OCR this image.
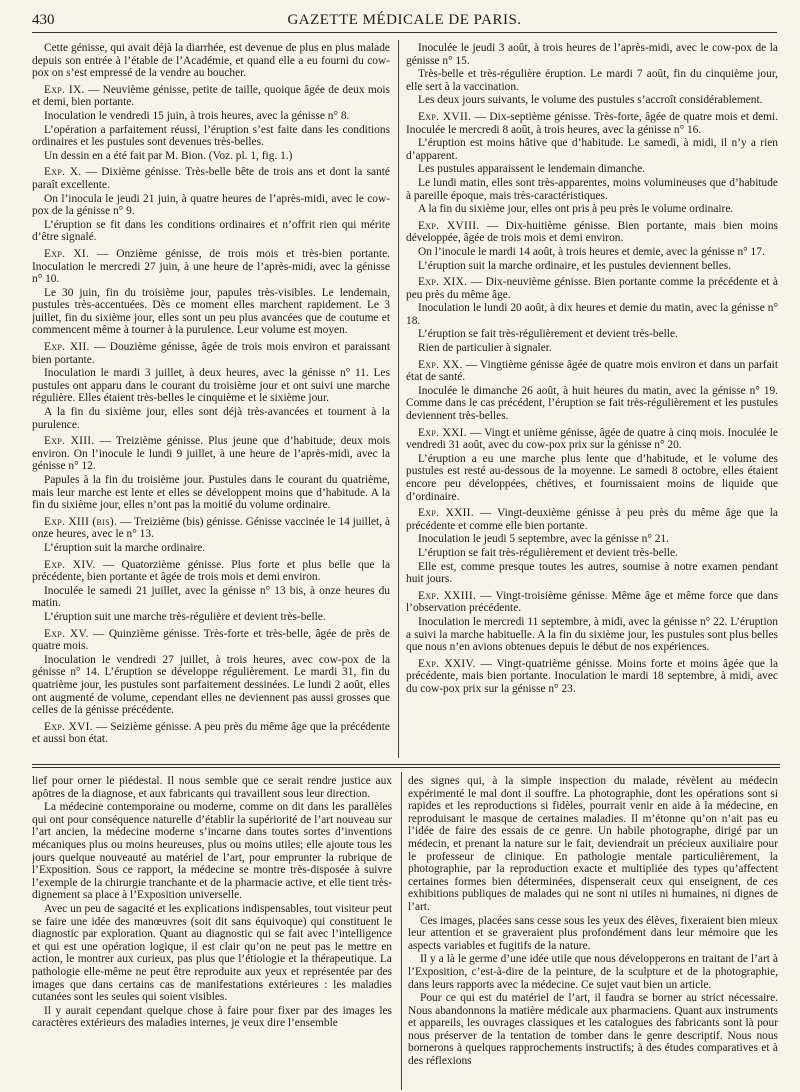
430	GAZETTE MÉDICALE DE PARIS.

Cette génisse, qui avait déjà la diarrhée, est devenue de plus en plus malade depuis son entrée à l’étable de l’Académie, et quand elle a eu fourni du cow-pox on s’est empressé de la vendre au boucher.

Exp. IX. — Neuvième génisse, petite de taille, quoique âgée de deux mois et demi, bien portante.

Inoculation le vendredi 15 juin, à trois heures, avec la génisse n° 8.

L’opération a parfaitement réussi, l’éruption s’est faite dans les conditions ordinaires et les pustules sont devenues très-belles.

Un dessin en a été fait par M. Bion. (Voz. pl. 1, fig. 1.)

Exp. X. — Dixième génisse. Très-belle bête de trois ans et dont la santé paraît excellente.

On l’inocula le jeudi 21 juin, à quatre heures de l’après-midi, avec le cow-pox de la génisse n° 9.

L’éruption se fit dans les conditions ordinaires et n’offrit rien qui mérite d’être signalé.

Exp. XI. — Onzième génisse, de trois mois et très-bien portante. Inoculation le mercredi 27 juin, à une heure de l’après-midi, avec la génisse n° 10.

Le 30 juin, fin du troisième jour, papules très-visibles. Le lendemain, pustules très-accentuées. Dès ce moment elles marchent rapidement. Le 3 juillet, fin du sixième jour, elles sont un peu plus avancées que de coutume et commencent même à tourner à la purulence. Leur volume est moyen.

Exp. XII. — Douzième génisse, âgée de trois mois environ et paraissant bien portante.

Inoculation le mardi 3 juillet, à deux heures, avec la génisse n° 11. Les pustules ont apparu dans le courant du troisième jour et ont suivi une marche régulière. Elles étaient très-belles le cinquième et le sixième jour.

A la fin du sixième jour, elles sont déjà très-avancées et tournent à la purulence.

Exp. XIII. — Treizième génisse. Plus jeune que d’habitude, deux mois environ. On l’inocule le lundi 9 juillet, à une heure de l’après-midi, avec la génisse n° 12.

Papules à la fin du troisième jour. Pustules dans le courant du quatrième, mais leur marche est lente et elles se développent moins que d’habitude. A la fin du sixième jour, elles n’ont pas la moitié du volume ordinaire.

Exp. XIII (bis). — Treizième (bis) génisse. Génisse vaccinée le 14 juillet, à onze heures, avec le n° 13.

L’éruption suit la marche ordinaire.

Exp. XIV. — Quatorzième génisse. Plus forte et plus belle que la précédente, bien portante et âgée de trois mois et demi environ.

Inoculée le samedi 21 juillet, avec la génisse n° 13 bis, à onze heures du matin.

L’éruption suit une marche très-régulière et devient très-belle.

Exp. XV. — Quinzième génisse. Très-forte et très-belle, âgée de près de quatre mois.

Inoculation le vendredi 27 juillet, à trois heures, avec cow-pox de la génisse n° 14. L’éruption se développe régulièrement. Le mardi 31, fin du quatrième jour, les pustules sont parfaitement dessinées. Le lundi 2 août, elles ont augmenté de volume, cependant elles ne deviennent pas aussi grosses que celles de la génisse précédente.

Exp. XVI. — Seizième génisse. A peu près du même âge que la précédente et aussi bon état.

Inoculée le jeudi 3 août, à trois heures de l’après-midi, avec le cow-pox de la génisse n° 15.

Très-belle et très-régulière éruption. Le mardi 7 août, fin du cinquième jour, elle sert à la vaccination.

Les deux jours suivants, le volume des pustules s’accroît considérablement.

Exp. XVII. — Dix-septième génisse. Très-forte, âgée de quatre mois et demi. Inoculée le mercredi 8 août, à trois heures, avec la génisse n° 16.

L’éruption est moins hâtive que d’habitude. Le samedi, à midi, il n’y a rien d’apparent.

Les pustules apparaissent le lendemain dimanche.

Le lundi matin, elles sont très-apparentes, moins volumineuses que d’habitude à pareille époque, mais très-caractéristiques.

A la fin du sixième jour, elles ont pris à peu près le volume ordinaire.

Exp. XVIII. — Dix-huitième génisse. Bien portante, mais bien moins développée, âgée de trois mois et demi environ.

On l’inocule le mardi 14 août, à trois heures et demie, avec la génisse n° 17.

L’éruption suit la marche ordinaire, et les pustules deviennent belles.

Exp. XIX. — Dix-neuvième génisse. Bien portante comme la précédente et à peu près du même âge.

Inoculation le lundi 20 août, à dix heures et demie du matin, avec la génisse n° 18.

L’éruption se fait très-régulièrement et devient très-belle.

Rien de particulier à signaler.

Exp. XX. — Vingtième génisse âgée de quatre mois environ et dans un parfait état de santé.

Inoculée le dimanche 26 août, à huit heures du matin, avec la génisse n° 19. Comme dans le cas précédent, l’éruption se fait très-régulièrement et les pustules deviennent très-belles.

Exp. XXI. — Vingt et unième génisse, âgée de quatre à cinq mois. Inoculée le vendredi 31 août, avec du cow-pox prix sur la génisse n° 20.

L’éruption a eu une marche plus lente que d’habitude, et le volume des pustules est resté au-dessous de la moyenne. Le samedi 8 octobre, elles étaient encore peu développées, chétives, et fournissaient moins de liquide que d’ordinaire.

Exp. XXII. — Vingt-deuxième génisse à peu près du même âge que la précédente et comme elle bien portante.

Inoculation le jeudi 5 septembre, avec la génisse n° 21.

L’éruption se fait très-régulièrement et devient très-belle.

Elle est, comme presque toutes les autres, soumise à notre examen pendant huit jours.

Exp. XXIII. — Vingt-troisième génisse. Même âge et même force que dans l’observation précédente.

Inoculation le mercredi 11 septembre, à midi, avec la génisse n° 22. L’éruption a suivi la marche habituelle. A la fin du sixième jour, les pustules sont plus belles que nous n’en avions obtenues depuis le début de nos expériences.

Exp. XXIV. — Vingt-quatrième génisse. Moins forte et moins âgée que la précédente, mais bien portante. Inoculation le mardi 18 septembre, à midi, avec du cow-pox prix sur la génisse n° 23.

lief pour orner le piédestal. Il nous semble que ce serait rendre justice aux apôtres de la diagnose, et aux fabricants qui travaillent sous leur direction.

La médecine contemporaine ou moderne, comme on dit dans les parallèles qui ont pour conséquence naturelle d’établir la supériorité de l’art nouveau sur l’art ancien, la médecine moderne s’incarne dans toutes sortes d’inventions mécaniques plus ou moins heureuses, plus ou moins utiles; elle ajoute tous les jours quelque nouveauté au matériel de l’art, pour emprunter la rubrique de l’Exposition. Sous ce rapport, la médecine se montre très-disposée à suivre l’exemple de la chirurgie tranchante et de la pharmacie active, et elle tient très-dignement sa place à l’Exposition universelle.

Avec un peu de sagacité et les explications indispensables, tout visiteur peut se faire une idée des manœuvres (soit dit sans équivoque) qui constituent le diagnostic par exploration. Quant au diagnostic qui se fait avec l’intelligence et qui est une opération logique, il est clair qu’on ne peut pas le mettre en action, le montrer aux curieux, pas plus que l’étiologie et la thérapeutique. La pathologie elle-même ne peut être reproduite aux yeux et représentée par des images que dans certains cas de manifestations extérieures : les maladies cutanées sont les seules qui soient visibles.

Il y aurait cependant quelque chose à faire pour fixer par des images les caractères extérieurs des maladies internes, je veux dire l’ensemble

des signes qui, à la simple inspection du malade, révèlent au médecin expérimenté le mal dont il souffre. La photographie, dont les opérations sont si rapides et les reproductions si fidèles, pourrait venir en aide à la médecine, en reproduisant le masque de certaines maladies. Il m’étonne qu’on n’ait pas eu l’idée de faire des essais de ce genre. Un habile photographe, dirigé par un médecin, et prenant la nature sur le fait, deviendrait un précieux auxiliaire pour le professeur de clinique. En pathologie mentale particulièrement, la photographie, par la reproduction exacte et multipliée des types qu’affectent certaines formes bien déterminées, dispenserait ceux qui enseignent, de ces exhibitions publiques de malades qui ne sont ni utiles ni humaines, ni dignes de l’art.

Ces images, placées sans cesse sous les yeux des élèves, fixeraient bien mieux leur attention et se graveraient plus profondément dans leur mémoire que les aspects variables et fugitifs de la nature.

Il y a là le germe d’une idée utile que nous développerons en traitant de l’art à l’Exposition, c’est-à-dire de la peinture, de la sculpture et de la photographie, dans leurs rapports avec la médecine. Ce sujet vaut bien un article.

Pour ce qui est du matériel de l’art, il faudra se borner au strict nécessaire. Nous abandonnons la matière médicale aux pharmaciens. Quant aux instruments et appareils, les ouvrages classiques et les catalogues des fabricants sont là pour nous préserver de la tentation de tomber dans le genre descriptif. Nous nous bornerons à quelques rapprochements instructifs; à des études comparatives et à des réflexions
